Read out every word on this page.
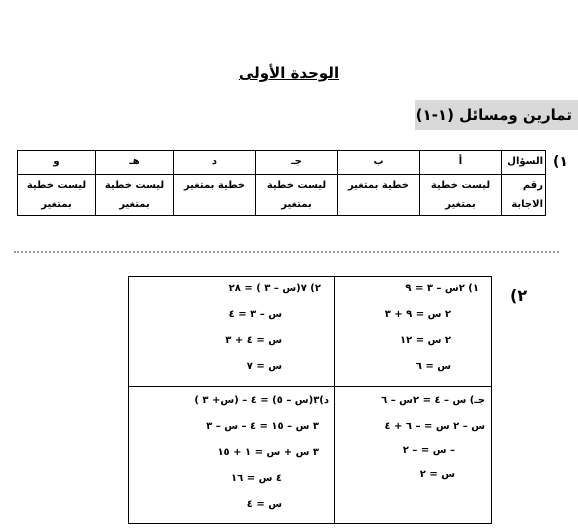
الوحدة الأولى
تمارين ومسائل (١-١)
(١
السؤال	أ	ب	جـ	د	هـ	و
رقم الاجابة	ليست خطية بمتغير	خطية بمتغير	ليست خطية بمتغير	خطية بمتغير	ليست خطية بمتغير	ليست خطية بمتغير
(٢
١) ٢س – ٣ = ٩
٢ س = ٩ + ٣
٢ س = ١٢
س = ٦
٢) ٧(س – ٣ ) = ٢٨
س – ٣ = ٤
س = ٤ + ٣
س = ٧
جـ) س – ٤ = ٢س – ٦
س – ٢ س = – ٦ + ٤
– س = – ٢
س = ٢
د)٣(س – ٥) = ٤ – (س+ ٣ )
٣ س – ١٥ = ٤ – س – ٣
٣ س + س = ١ + ١٥
٤ س = ١٦
س = ٤
